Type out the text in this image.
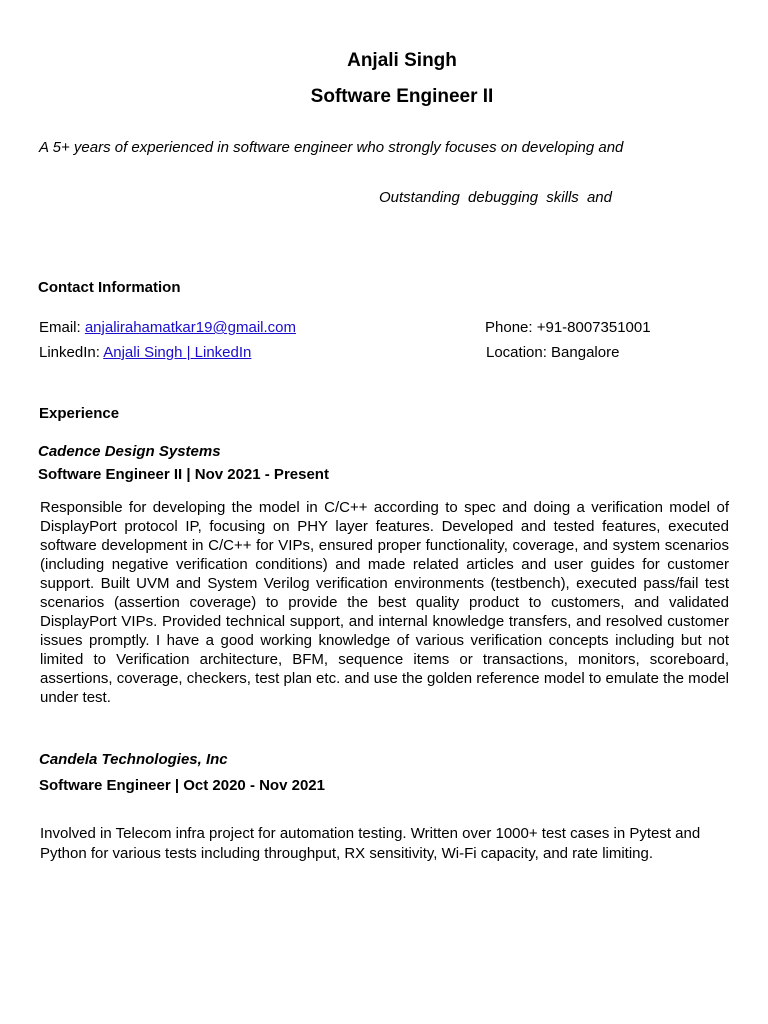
Anjali Singh
Software Engineer II
A 5+ years of experienced in software engineer who strongly focuses on developing and
Outstanding debugging skills and
Contact Information
Email: anjalirahamatkar19@gmail.com	Phone: +91-8007351001
LinkedIn: Anjali Singh | LinkedIn	Location: Bangalore
Experience
Cadence Design Systems
Software Engineer II | Nov 2021 - Present
Responsible for developing the model in C/C++ according to spec and doing a verification model of DisplayPort protocol IP, focusing on PHY layer features. Developed and tested features, executed software development in C/C++ for VIPs, ensured proper functionality, coverage, and system scenarios (including negative verification conditions) and made related articles and user guides for customer support. Built UVM and System Verilog verification environments (testbench), executed pass/fail test scenarios (assertion coverage) to provide the best quality product to customers, and validated DisplayPort VIPs. Provided technical support, and internal knowledge transfers, and resolved customer issues promptly. I have a good working knowledge of various verification concepts including but not limited to Verification architecture, BFM, sequence items or transactions, monitors, scoreboard, assertions, coverage, checkers, test plan etc. and use the golden reference model to emulate the model under test.
Candela Technologies, Inc
Software Engineer | Oct 2020 - Nov 2021
Involved in Telecom infra project for automation testing. Written over 1000+ test cases in Pytest and Python for various tests including throughput, RX sensitivity, Wi-Fi capacity, and rate limiting.
